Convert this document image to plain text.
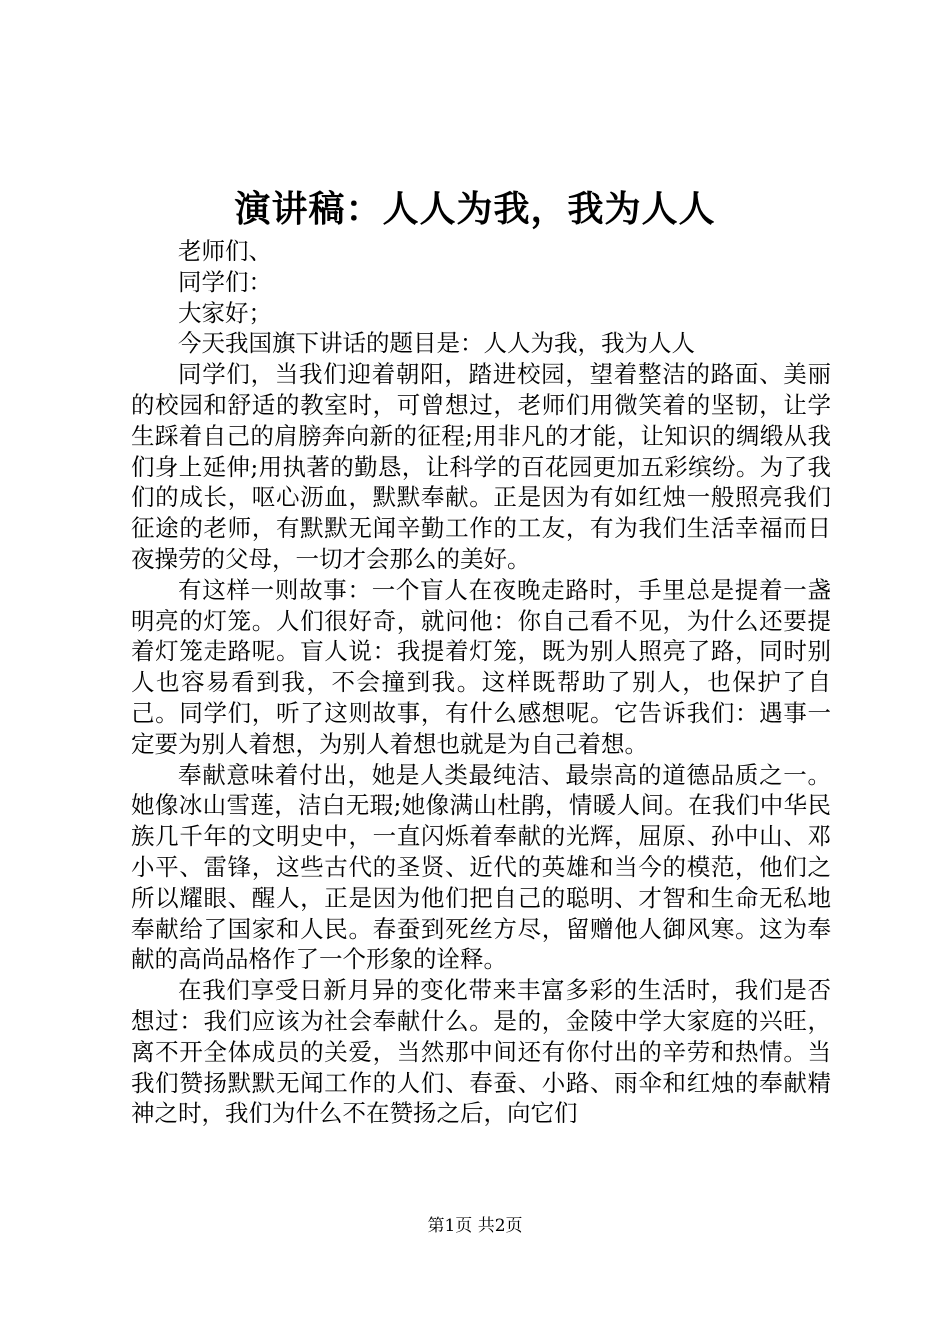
演讲稿：人人为我，我为人人

老师们、

同学们：

大家好；

今天我国旗下讲话的题目是：人人为我，我为人人

同学们，当我们迎着朝阳，踏进校园，望着整洁的路面、美丽的校园和舒适的教室时，可曾想过，老师们用微笑着的坚韧，让学生踩着自己的肩膀奔向新的征程;用非凡的才能，让知识的绸缎从我们身上延伸;用执著的勤恳，让科学的百花园更加五彩缤纷。为了我们的成长，呕心沥血，默默奉献。正是因为有如红烛一般照亮我们征途的老师，有默默无闻辛勤工作的工友，有为我们生活幸福而日夜操劳的父母，一切才会那么的美好。

有这样一则故事：一个盲人在夜晚走路时，手里总是提着一盏明亮的灯笼。人们很好奇，就问他：你自己看不见，为什么还要提着灯笼走路呢。盲人说：我提着灯笼，既为别人照亮了路，同时别人也容易看到我，不会撞到我。这样既帮助了别人，也保护了自己。同学们，听了这则故事，有什么感想呢。它告诉我们：遇事一定要为别人着想，为别人着想也就是为自己着想。

奉献意味着付出，她是人类最纯洁、最崇高的道德品质之一。她像冰山雪莲，洁白无瑕;她像满山杜鹃，情暖人间。在我们中华民族几千年的文明史中，一直闪烁着奉献的光辉，屈原、孙中山、邓小平、雷锋，这些古代的圣贤、近代的英雄和当今的模范，他们之所以耀眼、醒人，正是因为他们把自己的聪明、才智和生命无私地奉献给了国家和人民。春蚕到死丝方尽，留赠他人御风寒。这为奉献的高尚品格作了一个形象的诠释。

在我们享受日新月异的变化带来丰富多彩的生活时，我们是否想过：我们应该为社会奉献什么。是的，金陵中学大家庭的兴旺，离不开全体成员的关爱，当然那中间还有你付出的辛劳和热情。当我们赞扬默默无闻工作的人们、春蚕、小路、雨伞和红烛的奉献精神之时，我们为什么不在赞扬之后，向它们

第1页 共2页
